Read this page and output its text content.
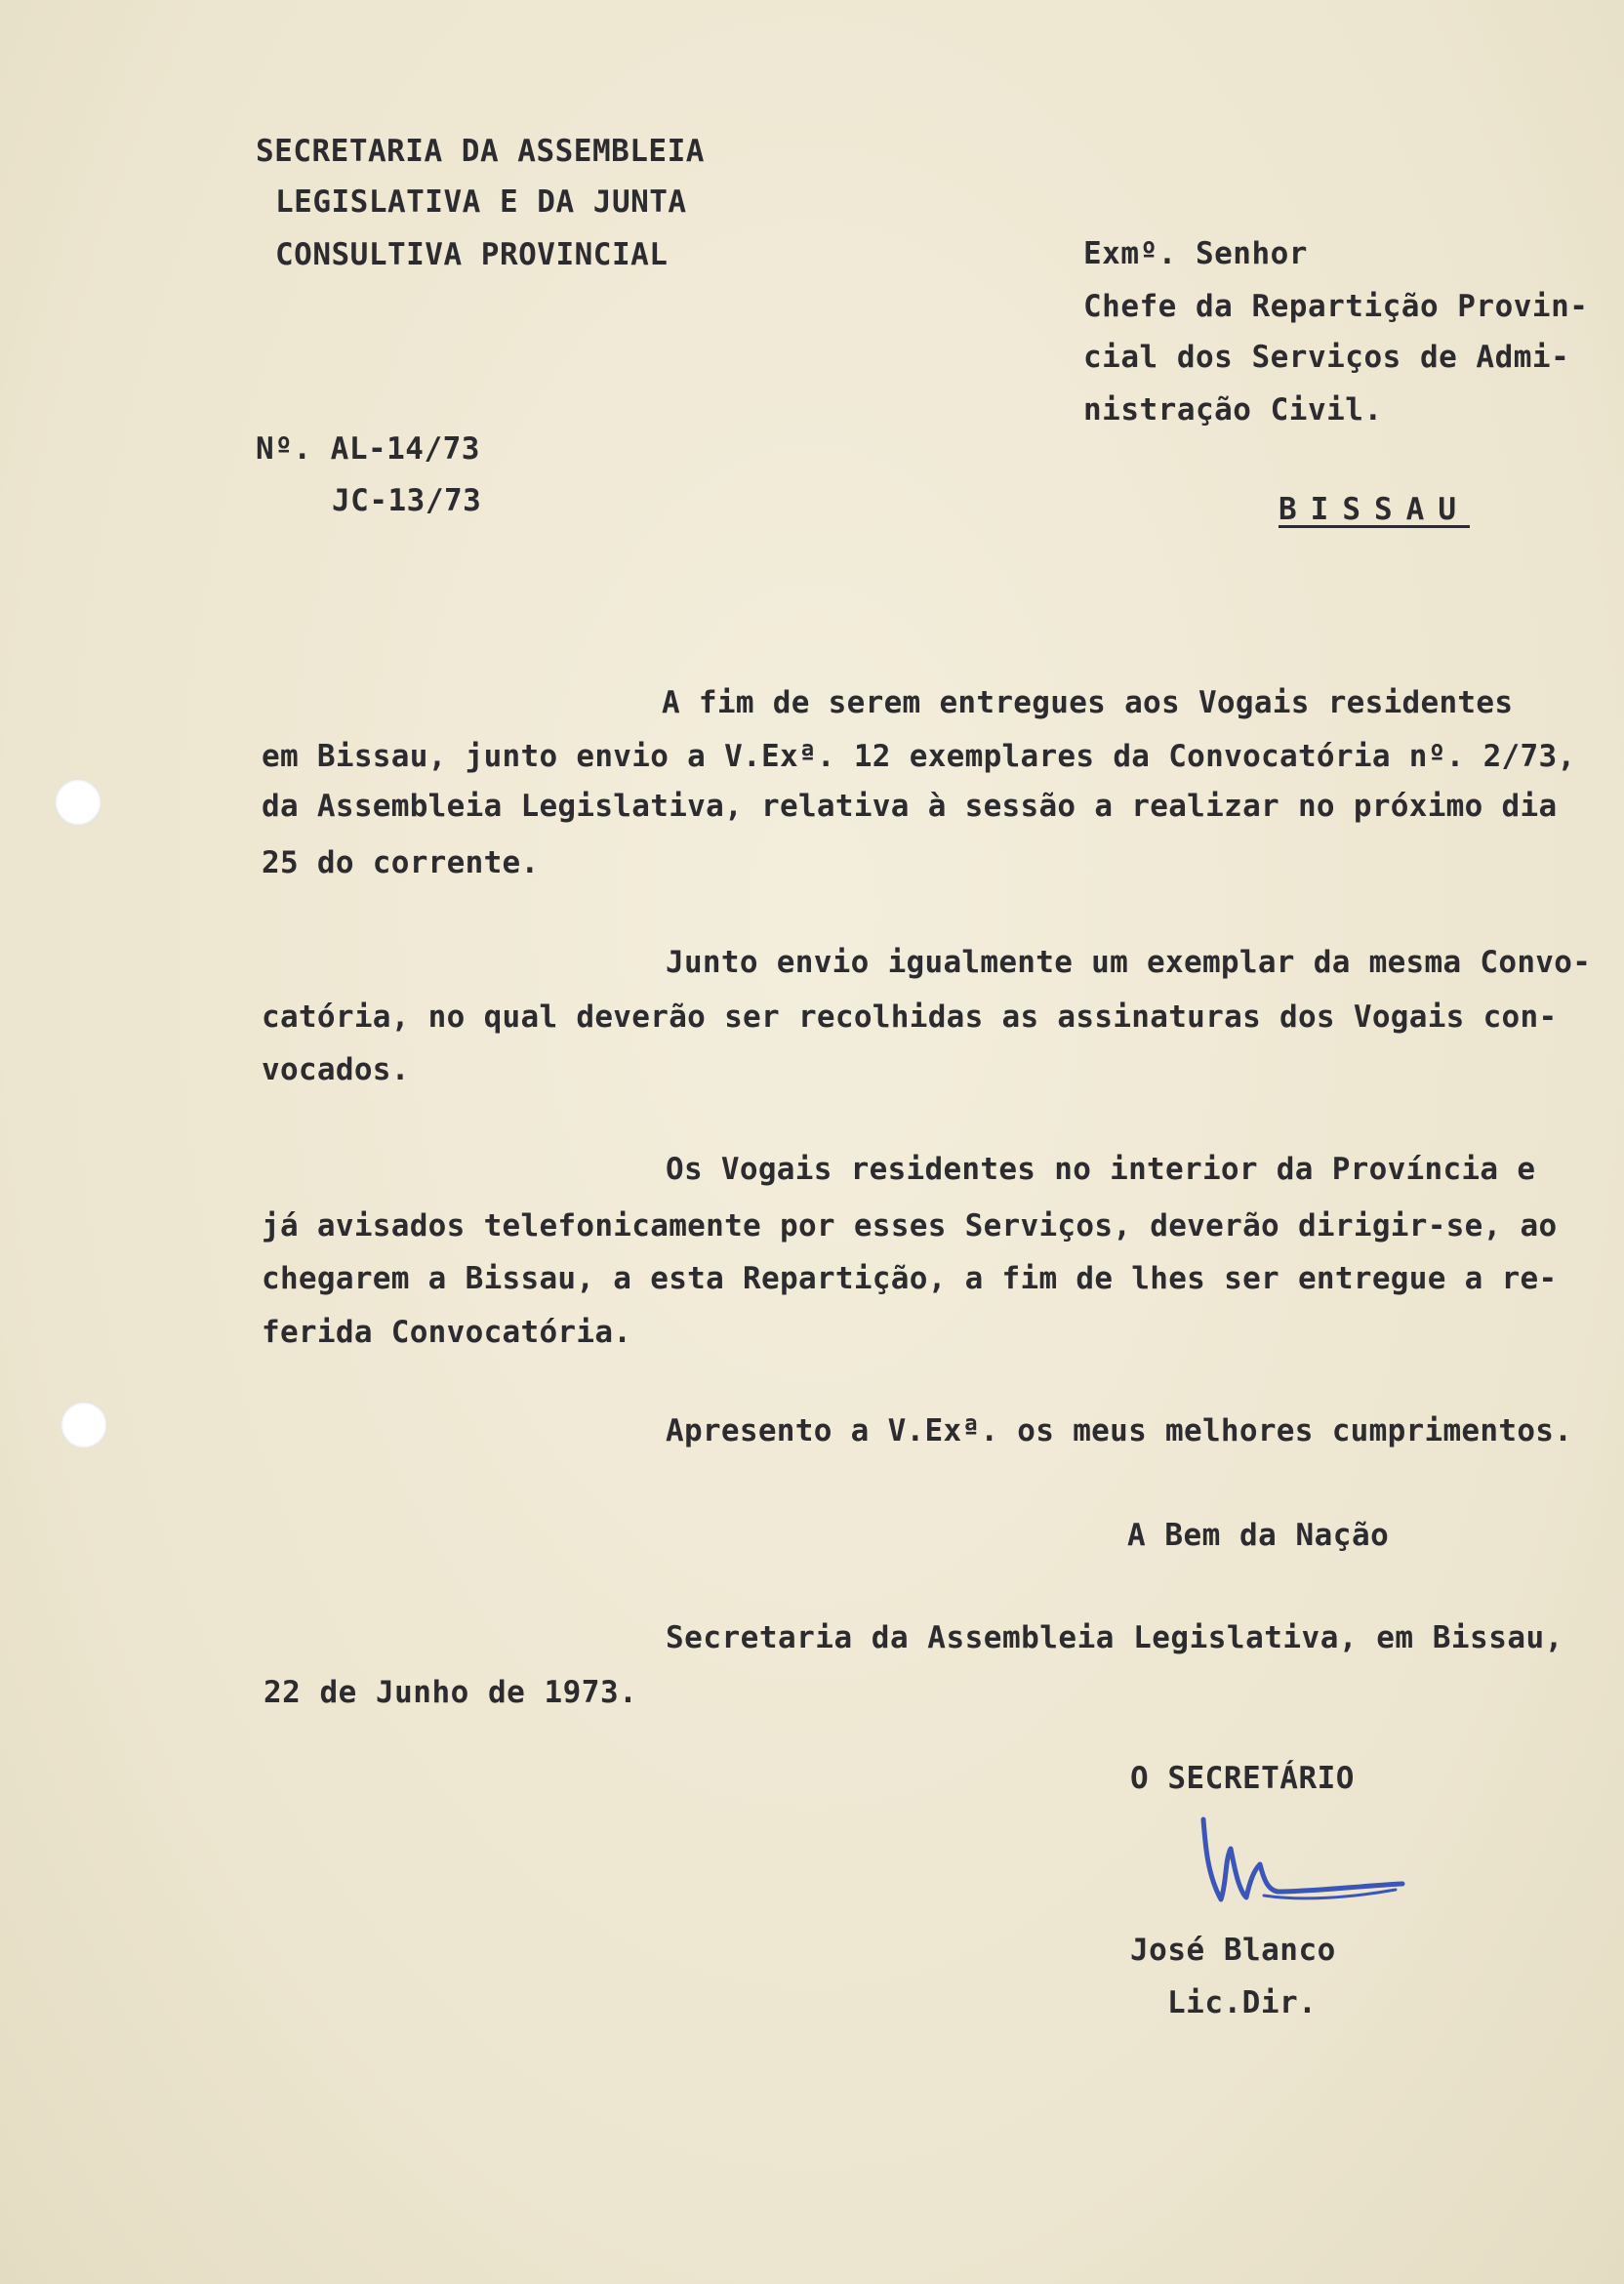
SECRETARIA DA ASSEMBLEIA
LEGISLATIVA E DA JUNTA
CONSULTIVA PROVINCIAL
Nº. AL-14/73
JC-13/73
Exmº. Senhor
Chefe da Repartição Provin-
cial dos Serviços de Admi-
nistração Civil.
BISSAU
A fim de serem entregues aos Vogais residentes
em Bissau, junto envio a V.Exª. 12 exemplares da Convocatória nº. 2/73,
da Assembleia Legislativa, relativa à sessão a realizar no próximo dia
25 do corrente.
Junto envio igualmente um exemplar da mesma Convo-
catória, no qual deverão ser recolhidas as assinaturas dos Vogais con-
vocados.
Os Vogais residentes no interior da Província e
já avisados telefonicamente por esses Serviços, deverão dirigir-se, ao
chegarem a Bissau, a esta Repartição, a fim de lhes ser entregue a re-
ferida Convocatória.
Apresento a V.Exª. os meus melhores cumprimentos.
A Bem da Nação
Secretaria da Assembleia Legislativa, em Bissau,
22 de Junho de 1973.
O SECRETÁRIO
José Blanco
Lic.Dir.
